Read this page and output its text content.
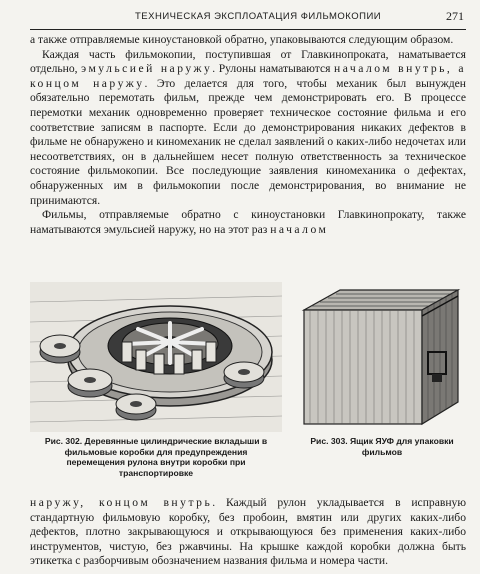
ТЕХНИЧЕСКАЯ ЭКСПЛОАТАЦИЯ ФИЛЬМОКОПИИ	271

а также отправляемые киноустановкой обратно, упаковываются следующим образом.

Каждая часть фильмокопии, поступившая от Главкинопроката, наматывается отдельно, эмульсией наружу. Рулоны наматываются началом внутрь, а концом наружу. Это делается для того, чтобы механик был вынужден обязательно перемотать фильм, прежде чем демонстрировать его. В процессе перемотки механик одновременно проверяет техническое состояние фильма и его соответствие записям в паспорте. Если до демонстрирования никаких дефектов в фильме не обнаружено и киномеханик не сделал заявлений о каких-либо недочетах или несоответствиях, он в дальнейшем несет полную ответственность за техническое состояние фильмокопии. Все последующие заявления киномеханика о дефектах, обнаруженных им в фильмокопии после демонстрирования, во внимание не принимаются.

Фильмы, отправляемые обратно с киноустановки Главкинопрокату, также наматываются эмульсией наружу, но на этот раз началом

Рис. 302. Деревянные цилиндрические вкладыши в фильмовые коробки для предупреждения перемещения рулона внутри коробки при транспортировке
Рис. 303. Ящик ЯУФ для упаковки фильмов

наружу, концом внутрь. Каждый рулон укладывается в исправную стандартную фильмовую коробку, без пробоин, вмятин или других каких-либо дефектов, плотно закрывающуюся и открывающуюся без применения каких-либо инструментов, чистую, без ржавчины. На крышке каждой коробки должна быть этикетка с разборчивым обозначением названия фильма и номера части.
